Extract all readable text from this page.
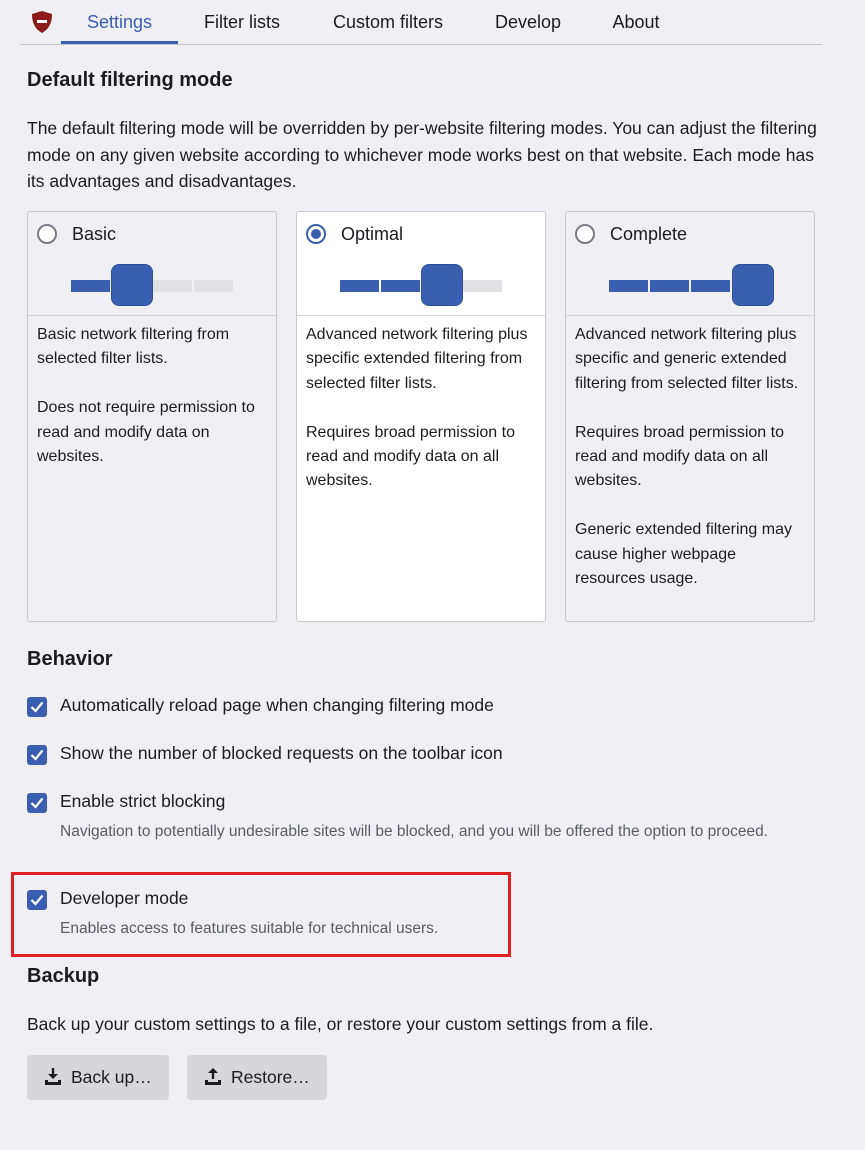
Settings	Filter lists	Custom filters	Develop	About
Default filtering mode

The default filtering mode will be overridden by per-website filtering modes. You can adjust the filtering mode on any given website according to whichever mode works best on that website. Each mode has its advantages and disadvantages.

Basic
Basic network filtering from selected filter lists.

Does not require permission to read and modify data on websites.
Optimal
Advanced network filtering plus specific extended filtering from selected filter lists.

Requires broad permission to read and modify data on all websites.
Complete
Advanced network filtering plus specific and generic extended filtering from selected filter lists.

Requires broad permission to read and modify data on all websites.

Generic extended filtering may cause higher webpage resources usage.
Behavior
Automatically reload page when changing filtering mode
Show the number of blocked requests on the toolbar icon
Enable strict blocking
Navigation to potentially undesirable sites will be blocked, and you will be offered the option to proceed.
Developer mode
Enables access to features suitable for technical users.
Backup

Back up your custom settings to a file, or restore your custom settings from a file.

Back up…	Restore…
